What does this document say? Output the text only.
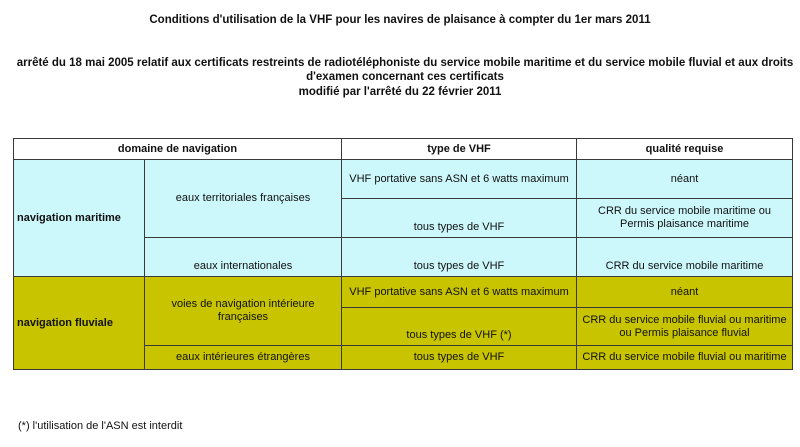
Conditions d'utilisation de la VHF pour les navires de plaisance à compter du 1er mars 2011
arrêté du 18 mai 2005 relatif aux certificats restreints de radiotéléphoniste du service mobile maritime et du service mobile fluvial et aux droits d'examen concernant ces certificats
modifié par l'arrêté du 22 février 2011
domaine de navigation		type de VHF	qualité requise
navigation maritime	eaux territoriales françaises	VHF portative sans ASN et 6 watts maximum	néant
		tous types de VHF	CRR du service mobile maritime ou Permis plaisance maritime
	eaux internationales	tous types de VHF	CRR du service mobile maritime
navigation fluviale	voies de navigation intérieure françaises	VHF portative sans ASN et 6 watts maximum	néant
		tous types de VHF (*)	CRR du service mobile fluvial ou maritime ou Permis plaisance fluvial
	eaux intérieures étrangères	tous types de VHF	CRR du service mobile fluvial ou maritime
(*) l'utilisation de l'ASN est interdit
